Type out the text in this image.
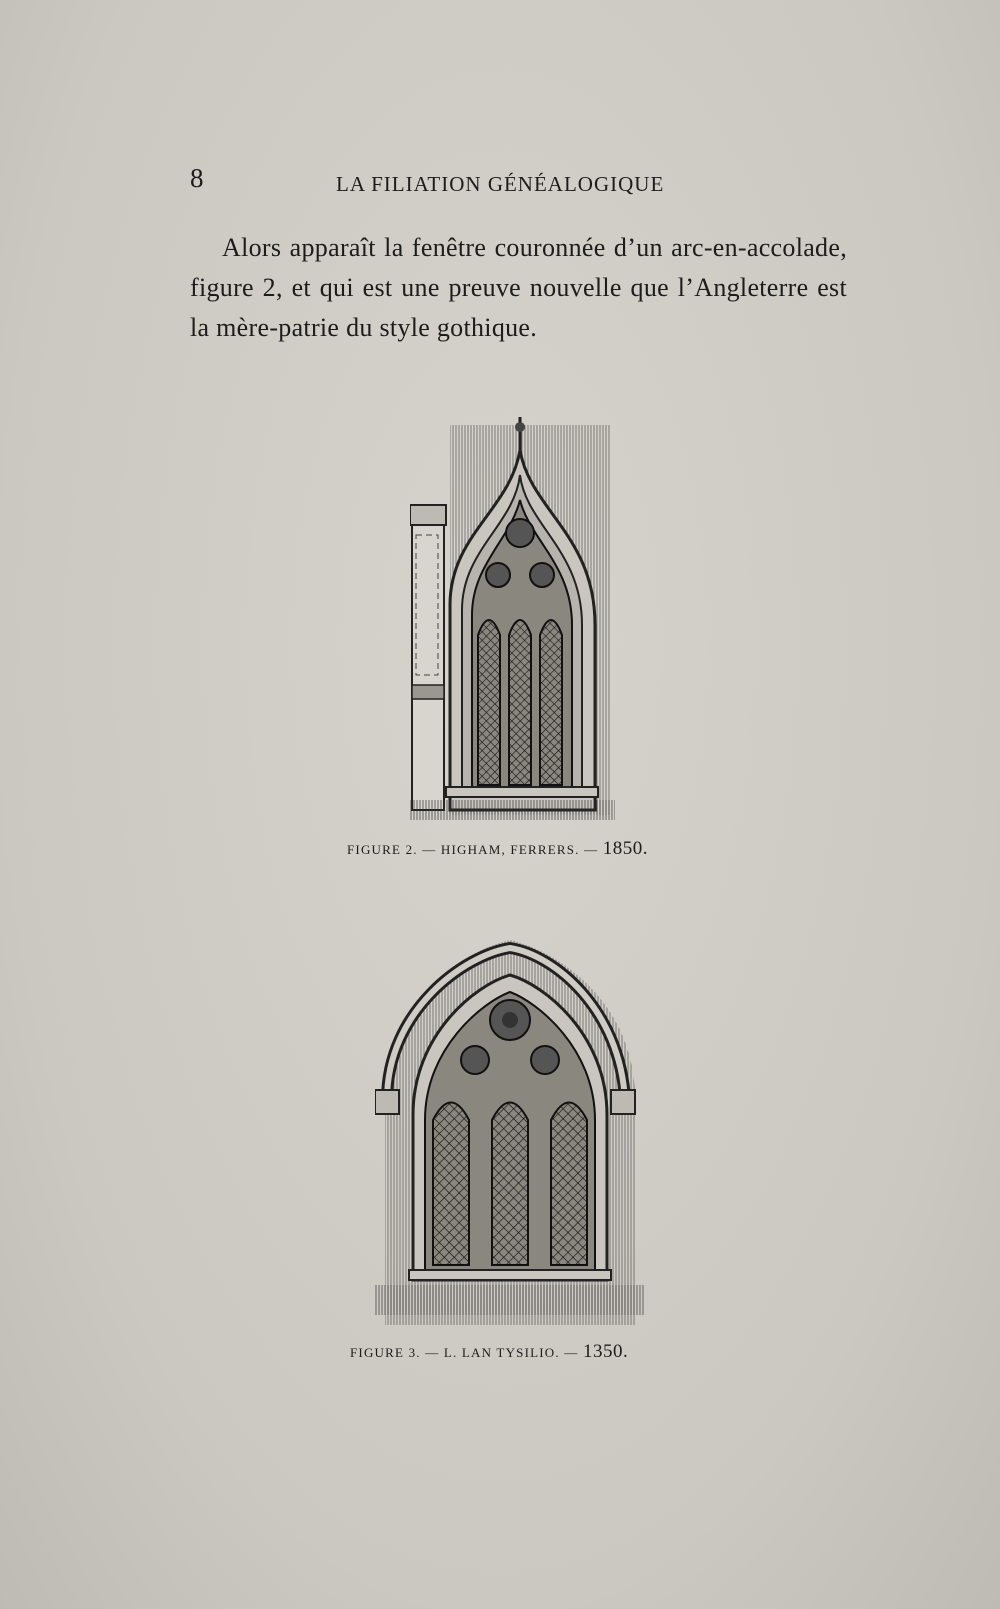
8	LA FILIATION GÉNÉALOGIQUE
Alors apparaît la fenêtre couronnée d’un arc-en-accolade, figure 2, et qui est une preuve nouvelle que l’Angleterre est la mère-patrie du style gothique.
FIGURE 2. — HIGHAM, FERRERS. — 1850.
FIGURE 3. — L. LAN TYSILIO. — 1350.
